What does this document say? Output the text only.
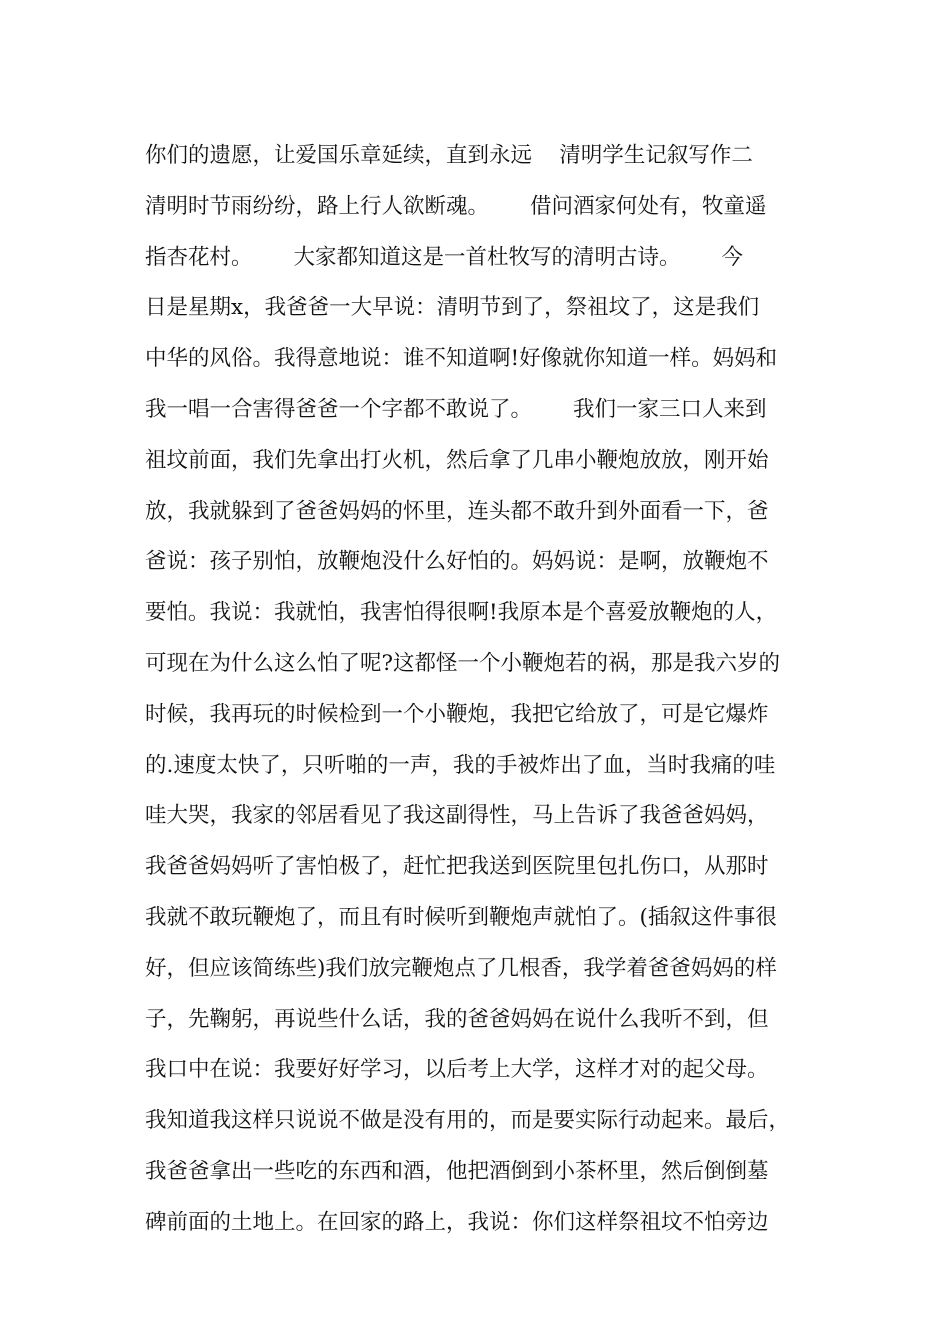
你们的遗愿，让爱国乐章延续，直到永远    清明学生记叙写作二
清明时节雨纷纷，路上行人欲断魂。      借问酒家何处有，牧童遥
指杏花村。      大家都知道这是一首杜牧写的清明古诗。      今
日是星期x，我爸爸一大早说：清明节到了，祭祖坟了，这是我们
中华的风俗。我得意地说：谁不知道啊!好像就你知道一样。妈妈和
我一唱一合害得爸爸一个字都不敢说了。      我们一家三口人来到
祖坟前面，我们先拿出打火机，然后拿了几串小鞭炮放放，刚开始
放，我就躲到了爸爸妈妈的怀里，连头都不敢升到外面看一下，爸
爸说：孩子别怕，放鞭炮没什么好怕的。妈妈说：是啊，放鞭炮不
要怕。我说：我就怕，我害怕得很啊!我原本是个喜爱放鞭炮的人，
可现在为什么这么怕了呢?这都怪一个小鞭炮若的祸，那是我六岁的
时候，我再玩的时候检到一个小鞭炮，我把它给放了，可是它爆炸
的.速度太快了，只听啪的一声，我的手被炸出了血，当时我痛的哇
哇大哭，我家的邻居看见了我这副得性，马上告诉了我爸爸妈妈，
我爸爸妈妈听了害怕极了，赶忙把我送到医院里包扎伤口，从那时
我就不敢玩鞭炮了，而且有时候听到鞭炮声就怕了。(插叙这件事很
好，但应该简练些)我们放完鞭炮点了几根香，我学着爸爸妈妈的样
子，先鞠躬，再说些什么话，我的爸爸妈妈在说什么我听不到，但
我口中在说：我要好好学习，以后考上大学，这样才对的起父母。
我知道我这样只说说不做是没有用的，而是要实际行动起来。最后，
我爸爸拿出一些吃的东西和酒，他把酒倒到小茶杯里，然后倒倒墓
碑前面的土地上。在回家的路上，我说：你们这样祭祖坟不怕旁边
